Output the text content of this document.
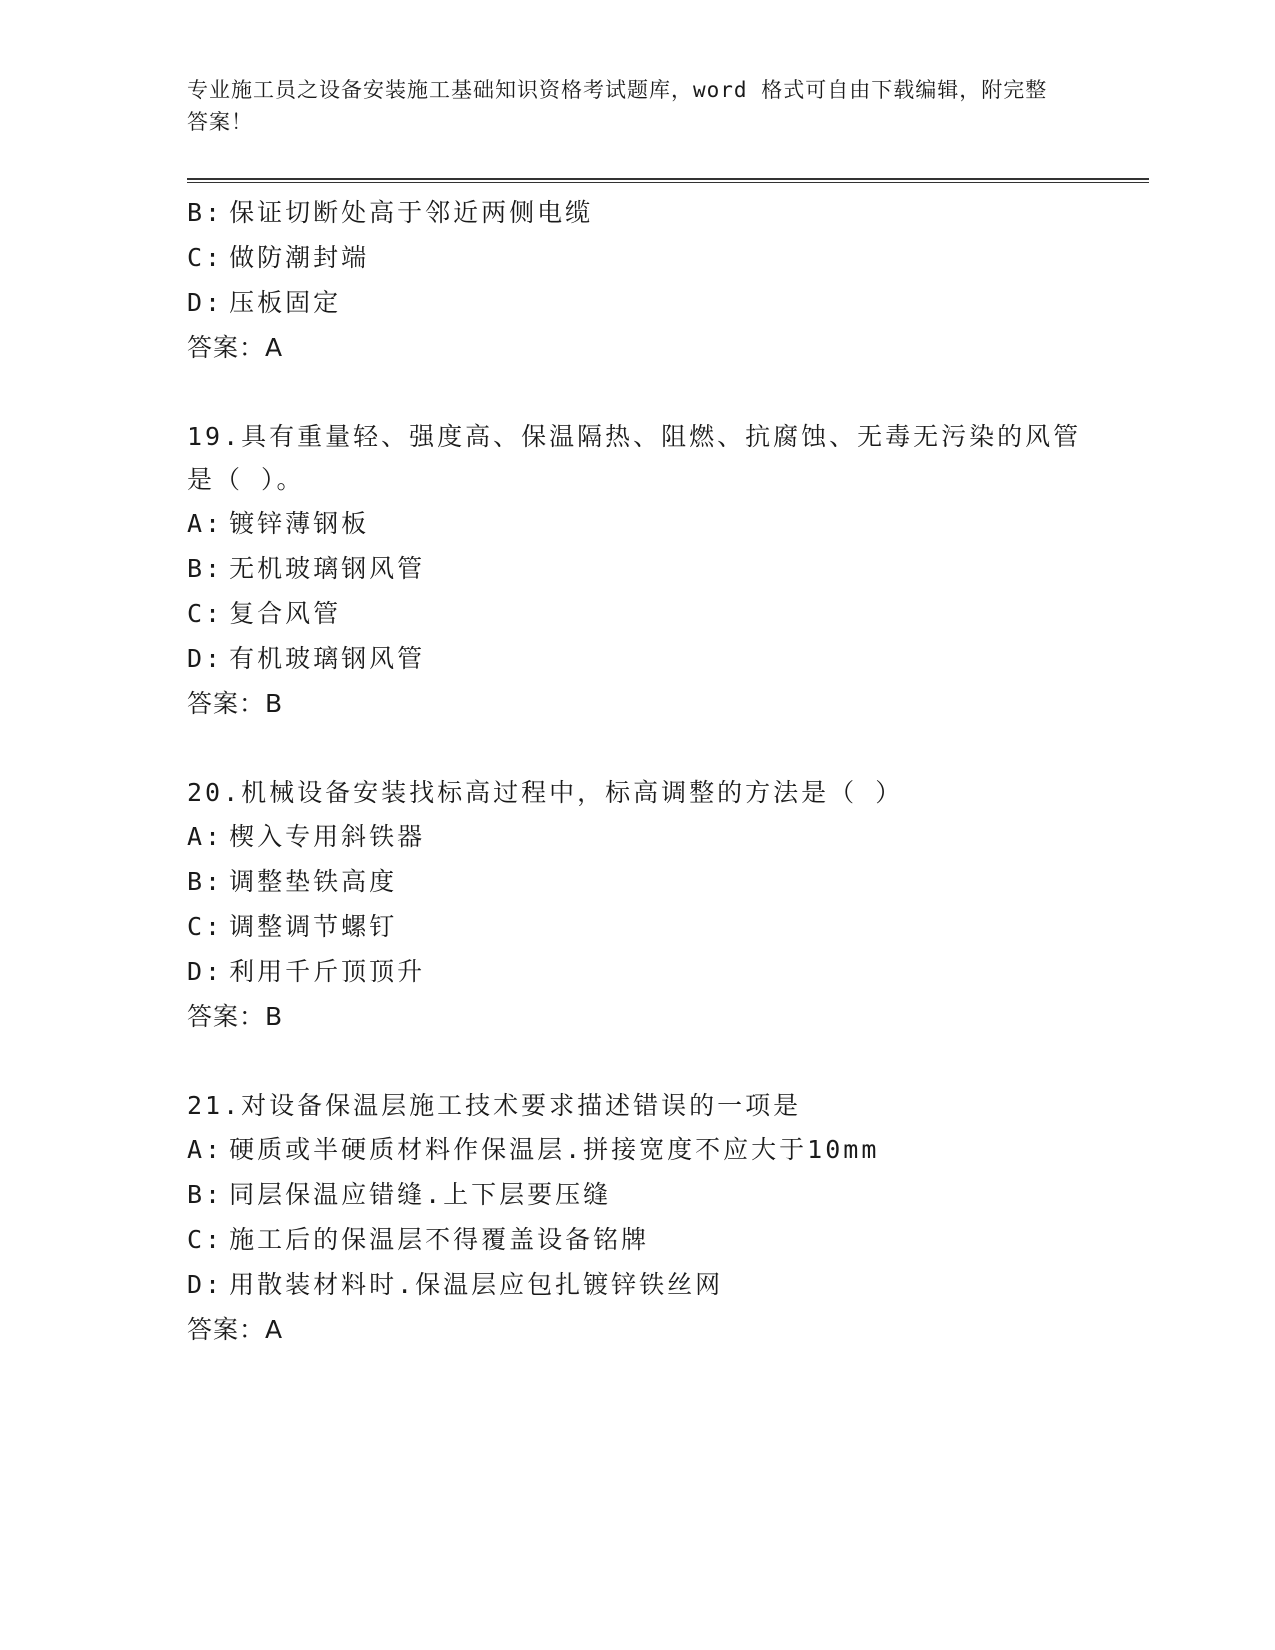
专业施工员之设备安装施工基础知识资格考试题库，word 格式可自由下载编辑，附完整答案！
B: 保证切断处高于邻近两侧电缆
C: 做防潮封端
D: 压板固定
答案：A
19.具有重量轻、强度高、保温隔热、阻燃、抗腐蚀、无毒无污染的风管是（ ）。
A: 镀锌薄钢板
B: 无机玻璃钢风管
C: 复合风管
D: 有机玻璃钢风管
答案：B
20.机械设备安装找标高过程中，标高调整的方法是（ ）
A: 楔入专用斜铁器
B: 调整垫铁高度
C: 调整调节螺钉
D: 利用千斤顶顶升
答案：B
21.对设备保温层施工技术要求描述错误的一项是
A: 硬质或半硬质材料作保温层.拼接宽度不应大于10mm
B: 同层保温应错缝.上下层要压缝
C: 施工后的保温层不得覆盖设备铭牌
D: 用散装材料时.保温层应包扎镀锌铁丝网
答案：A
